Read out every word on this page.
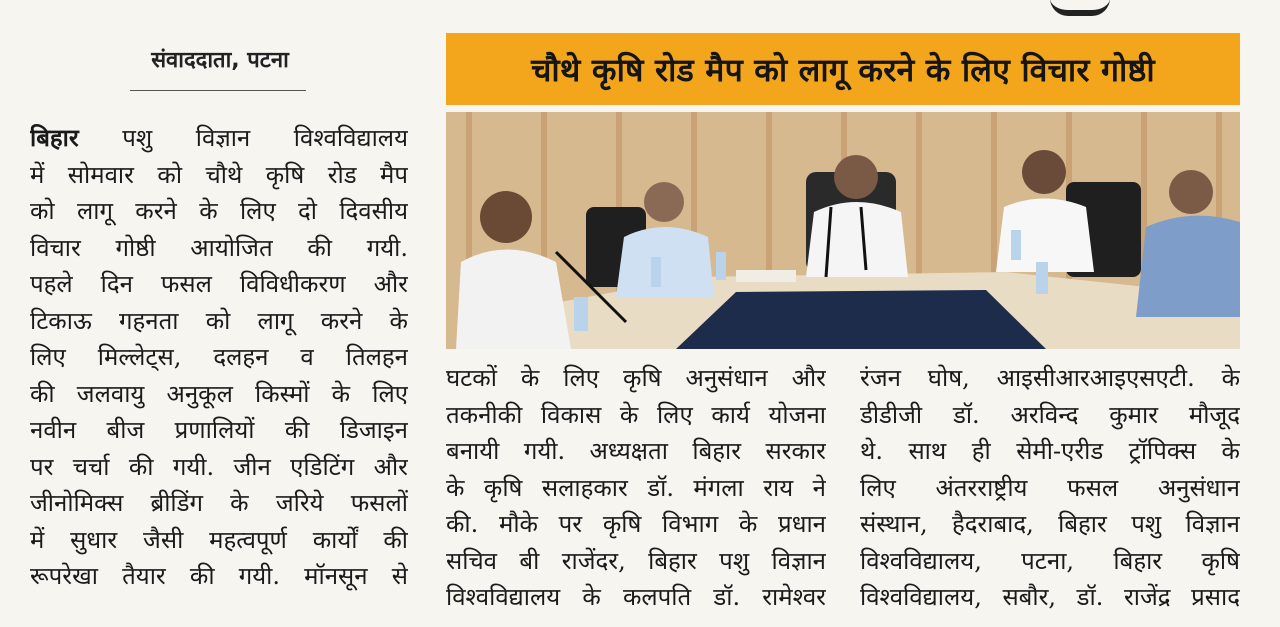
संवाददाता, पटना
बिहार पशु विज्ञान विश्वविद्यालय
में सोमवार को चौथे कृषि रोड मैप
को लागू करने के लिए दो दिवसीय
विचार गोष्ठी आयोजित की गयी.
पहले दिन फसल विविधीकरण और
टिकाऊ गहनता को लागू करने के
लिए मिल्लेट्स, दलहन व तिलहन
की जलवायु अनुकूल किस्मों के लिए
नवीन बीज प्रणालियों की डिजाइन
पर चर्चा की गयी. जीन एडिटिंग और
जीनोमिक्स ब्रीडिंग के जरिये फसलों
में सुधार जैसी महत्वपूर्ण कार्यों की
रूपरेखा तैयार की गयी. मॉनसून से
चौथे कृषि रोड मैप को लागू करने के लिए विचार गोष्ठी
घटकों के लिए कृषि अनुसंधान और
तकनीकी विकास के लिए कार्य योजना
बनायी गयी. अध्यक्षता बिहार सरकार
के कृषि सलाहकार डॉ. मंगला राय ने
की. मौके पर कृषि विभाग के प्रधान
सचिव बी राजेंदर, बिहार पशु विज्ञान
विश्वविद्यालय के कलपति डॉ. रामेश्वर
रंजन घोष, आइसीआरआइएसएटी. के
डीडीजी डॉ. अरविन्द कुमार मौजूद
थे. साथ ही सेमी-एरीड ट्रॉपिक्स के
लिए अंतरराष्ट्रीय फसल अनुसंधान
संस्थान, हैदराबाद, बिहार पशु विज्ञान
विश्वविद्यालय, पटना, बिहार कृषि
विश्वविद्यालय, सबौर, डॉ. राजेंद्र प्रसाद
